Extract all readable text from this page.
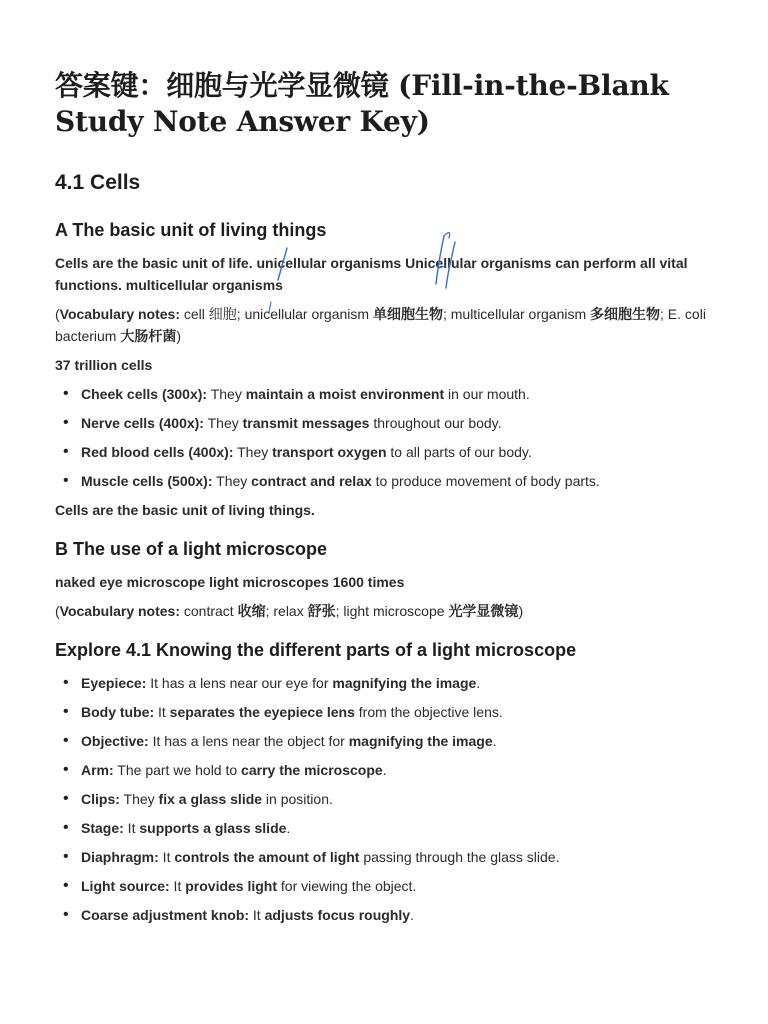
答案键：细胞与光学显微镜 (Fill-in-the-Blank Study Note Answer Key)
4.1 Cells
A The basic unit of living things

Cells are the basic unit of life. unicellular organisms Unicellular organisms can perform all vital functions. multicellular organisms

(Vocabulary notes: cell 细胞; unicellular organism 单细胞生物; multicellular organism 多细胞生物; E. coli bacterium 大肠杆菌)

37 trillion cells

• Cheek cells (300x): They maintain a moist environment in our mouth.
• Nerve cells (400x): They transmit messages throughout our body.
• Red blood cells (400x): They transport oxygen to all parts of our body.
• Muscle cells (500x): They contract and relax to produce movement of body parts.

Cells are the basic unit of living things.

B The use of a light microscope

naked eye microscope light microscopes 1600 times

(Vocabulary notes: contract 收缩; relax 舒张; light microscope 光学显微镜)

Explore 4.1 Knowing the different parts of a light microscope
• Eyepiece: It has a lens near our eye for magnifying the image.
• Body tube: It separates the eyepiece lens from the objective lens.
• Objective: It has a lens near the object for magnifying the image.
• Arm: The part we hold to carry the microscope.
• Clips: They fix a glass slide in position.
• Stage: It supports a glass slide.
• Diaphragm: It controls the amount of light passing through the glass slide.
• Light source: It provides light for viewing the object.
• Coarse adjustment knob: It adjusts focus roughly.
